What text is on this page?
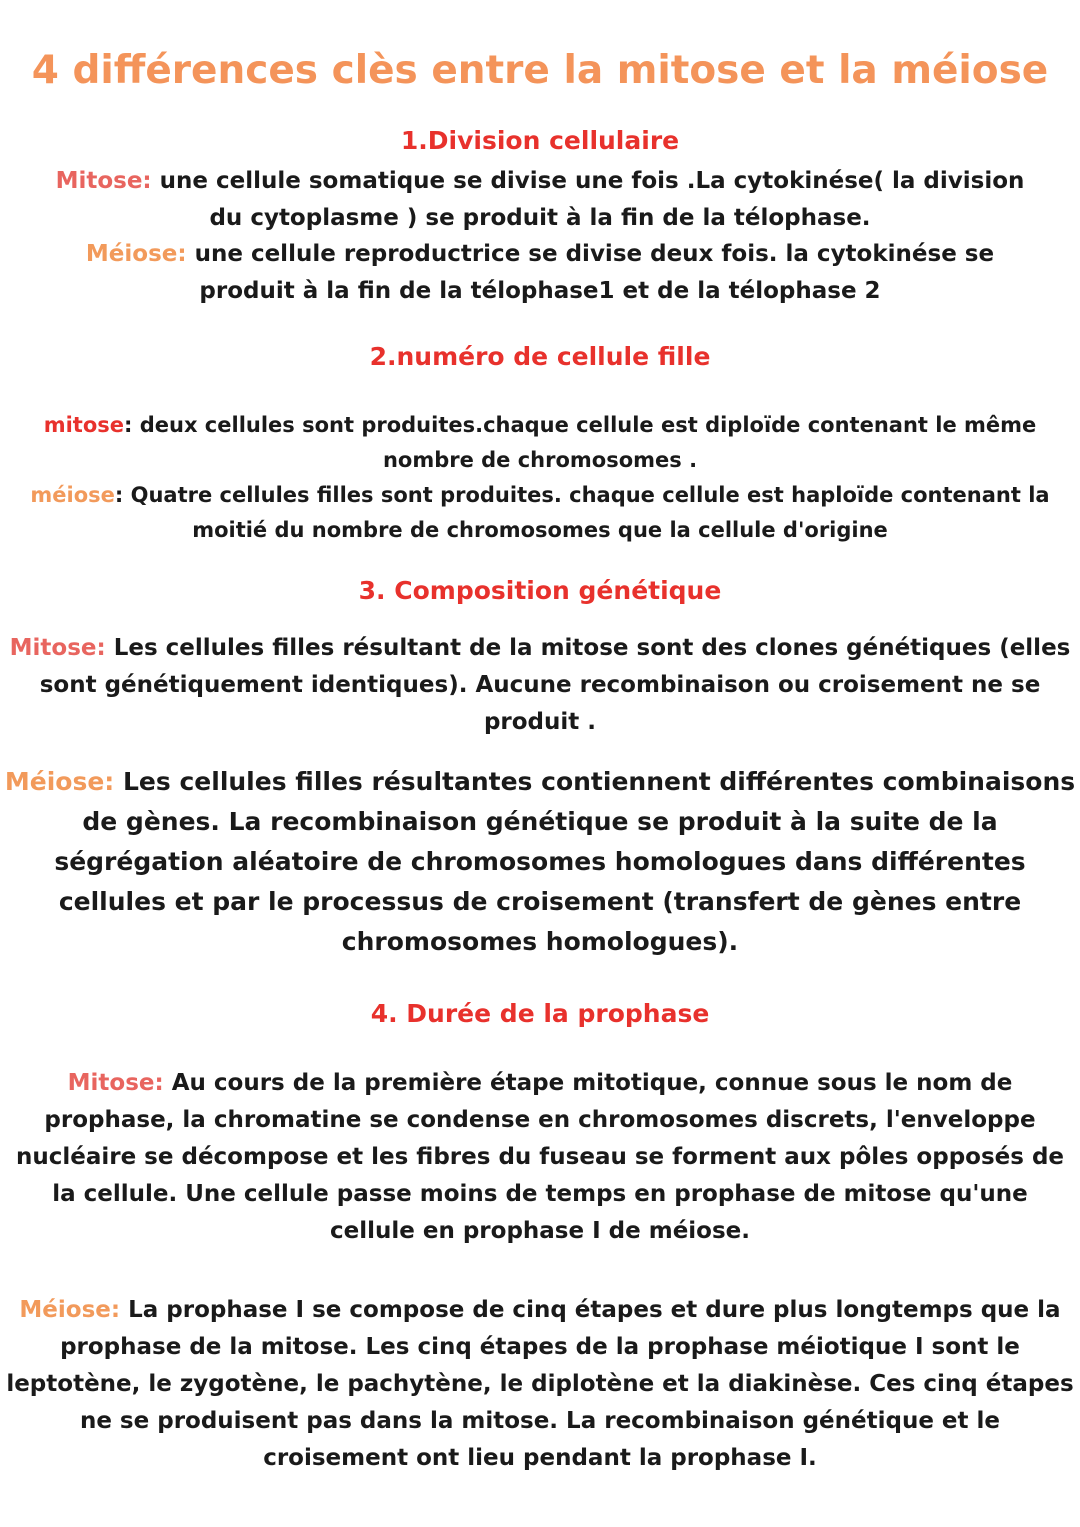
4 différences clès entre la mitose et la méiose
1.Division cellulaire

Mitose: une cellule somatique se divise une fois .La cytokinése( la division du cytoplasme ) se produit à la fin de la télophase.

Méiose: une cellule reproductrice se divise deux fois. la cytokinése se produit à la fin de la télophase1 et de la télophase 2

2.numéro de cellule fille

mitose: deux cellules sont produites.chaque cellule est diploïde contenant le même nombre de chromosomes .

méiose: Quatre cellules filles sont produites. chaque cellule est haploïde contenant la moitié du nombre de chromosomes que la cellule d'origine

3. Composition génétique

Mitose: Les cellules filles résultant de la mitose sont des clones génétiques (elles sont génétiquement identiques). Aucune recombinaison ou croisement ne se produit .

Méiose: Les cellules filles résultantes contiennent différentes combinaisons de gènes. La recombinaison génétique se produit à la suite de la ségrégation aléatoire de chromosomes homologues dans différentes cellules et par le processus de croisement (transfert de gènes entre chromosomes homologues).

4. Durée de la prophase

Mitose: Au cours de la première étape mitotique, connue sous le nom de prophase, la chromatine se condense en chromosomes discrets, l'enveloppe nucléaire se décompose et les fibres du fuseau se forment aux pôles opposés de la cellule. Une cellule passe moins de temps en prophase de mitose qu'une cellule en prophase I de méiose.

Méiose: La prophase I se compose de cinq étapes et dure plus longtemps que la prophase de la mitose. Les cinq étapes de la prophase méiotique I sont le leptotène, le zygotène, le pachytène, le diplotène et la diakinèse. Ces cinq étapes ne se produisent pas dans la mitose. La recombinaison génétique et le croisement ont lieu pendant la prophase I.
